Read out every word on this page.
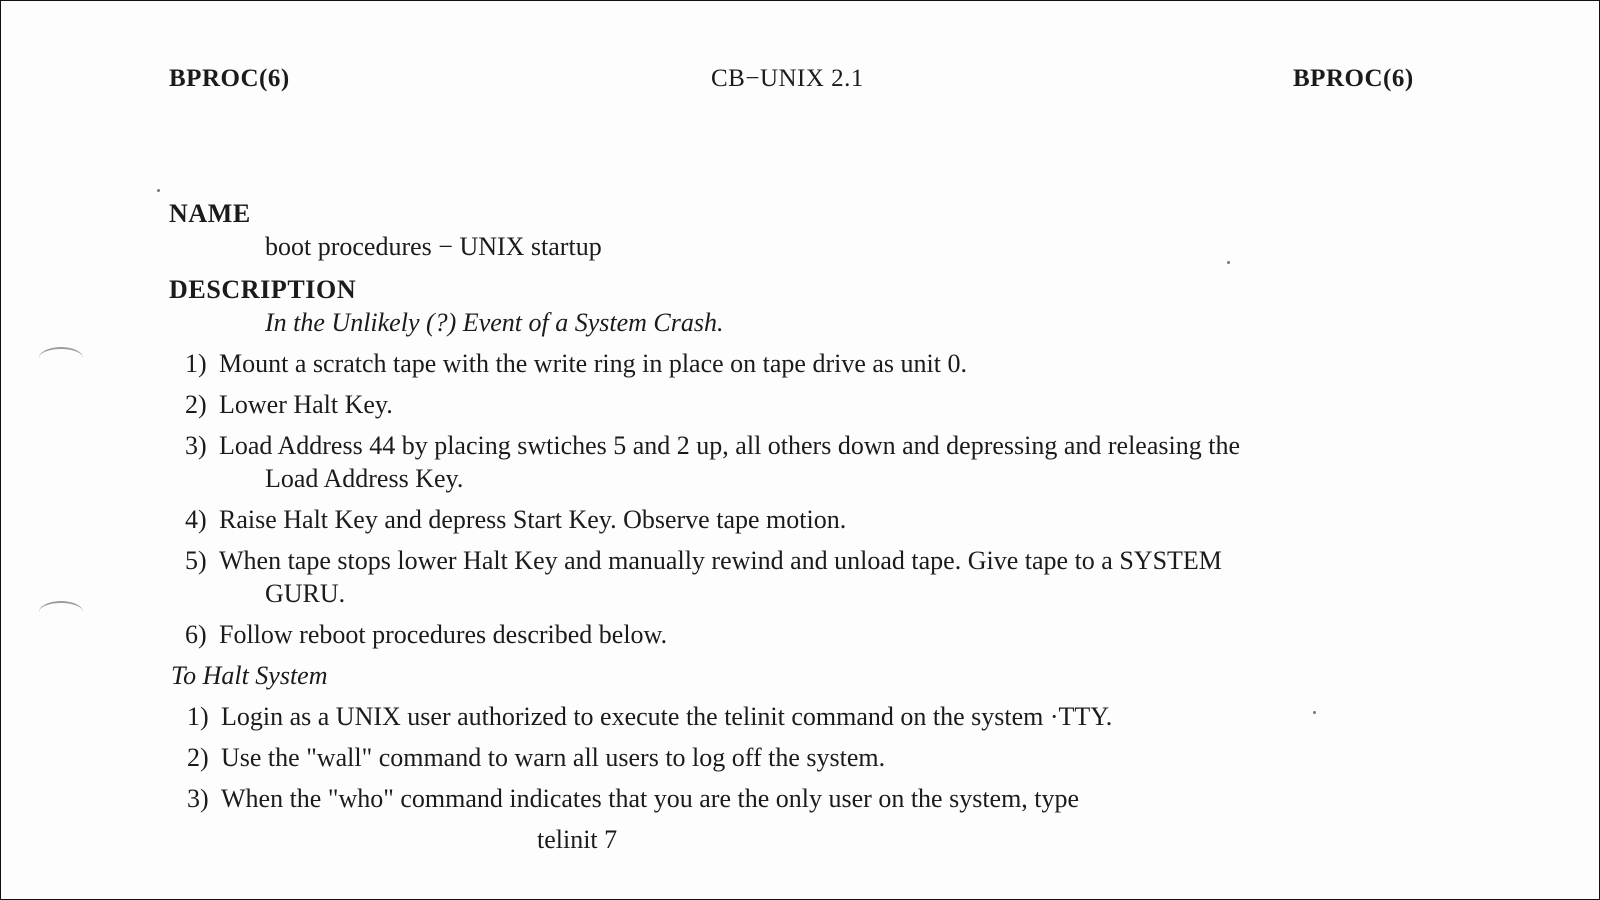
BPROC(6)	CB−UNIX 2.1	BPROC(6)

NAME

boot procedures − UNIX startup

DESCRIPTION

In the Unlikely (?) Event of a System Crash.

1) Mount a scratch tape with the write ring in place on tape drive as unit 0.
2) Lower Halt Key.
3) Load Address 44 by placing swtiches 5 and 2 up, all others down and depressing and releasing the
Load Address Key.
4) Raise Halt Key and depress Start Key. Observe tape motion.
5) When tape stops lower Halt Key and manually rewind and unload tape. Give tape to a SYSTEM
GURU.
6) Follow reboot procedures described below.

To Halt System

1) Login as a UNIX user authorized to execute the telinit command on the system ·TTY.
2) Use the "wall" command to warn all users to log off the system.
3) When the "who" command indicates that you are the only user on the system, type

telinit 7
